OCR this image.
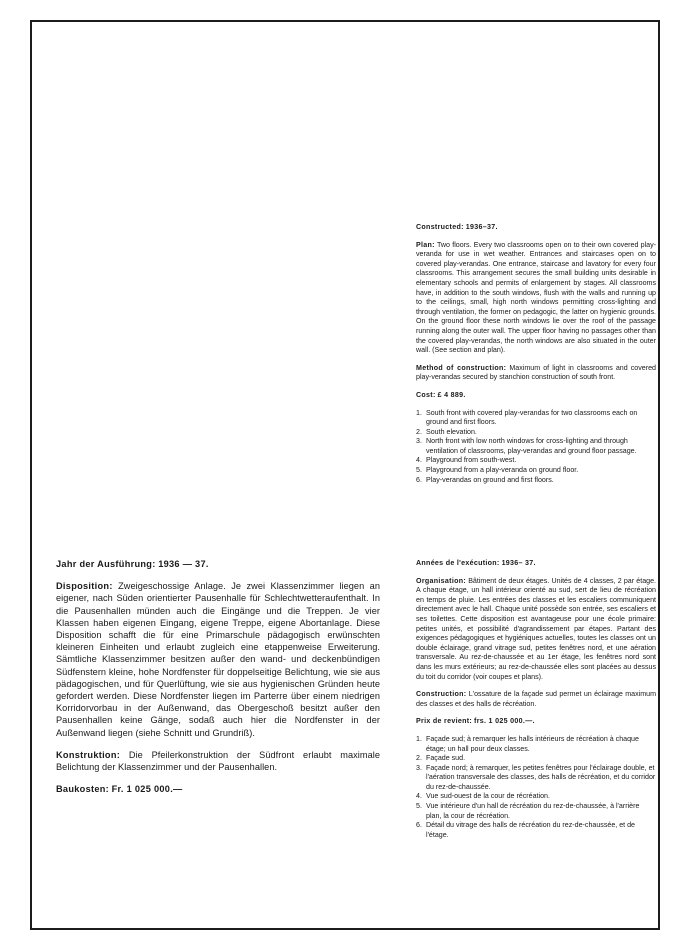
Constructed: 1936–37.

Plan: Two floors. Every two classrooms open on to their own covered play-veranda for use in wet weather. Entrances and staircases open on to covered play-verandas. One entrance, staircase and lavatory for every four classrooms. This arrangement secures the small building units desirable in elementary schools and permits of enlargement by stages. All classrooms have, in addition to the south windows, flush with the walls and running up to the ceilings, small, high north windows permitting cross-lighting and through ventilation, the former on pedagogic, the latter on hygienic grounds. On the ground floor these north windows lie over the roof of the passage running along the outer wall. The upper floor having no passages other than the covered play-verandas, the north windows are also situated in the outer wall. (See section and plan).

Method of construction: Maximum of light in classrooms and covered play-verandas secured by stanchion construction of south front.

Cost: £ 4 889.

1. South front with covered play-verandas for two classrooms each on ground and first floors.
2. South elevation.
3. North front with low north windows for cross-lighting and through ventilation of classrooms, play-verandas and ground floor passage.
4. Playground from south-west.
5. Playground from a play-veranda on ground floor.
6. Play-verandas on ground and first floors.

Jahr der Ausführung: 1936 — 37.

Disposition: Zweigeschossige Anlage. Je zwei Klassenzimmer liegen an eigener, nach Süden orientierter Pausenhalle für Schlechtwetteraufenthalt. In die Pausenhallen münden auch die Eingänge und die Treppen. Je vier Klassen haben eigenen Eingang, eigene Treppe, eigene Abortanlage. Diese Disposition schafft die für eine Primarschule pädagogisch erwünschten kleineren Einheiten und erlaubt zugleich eine etappenweise Erweiterung. Sämtliche Klassenzimmer besitzen außer den wand- und deckenbündigen Südfenstern kleine, hohe Nordfenster für doppelseitige Belichtung, wie sie aus pädagogischen, und für Querlüftung, wie sie aus hygienischen Gründen heute gefordert werden. Diese Nordfenster liegen im Parterre über einem niedrigen Korridorvorbau in der Außenwand, das Obergeschoß besitzt außer den Pausenhallen keine Gänge, sodaß auch hier die Nordfenster in der Außenwand liegen (siehe Schnitt und Grundriß).

Konstruktion: Die Pfeilerkonstruktion der Südfront erlaubt maximale Belichtung der Klassenzimmer und der Pausenhallen.

Baukosten: Fr. 1 025 000.—

Années de l'exécution: 1936– 37.

Organisation: Bâtiment de deux étages. Unités de 4 classes, 2 par étage. A chaque étage, un hall intérieur orienté au sud, sert de lieu de récréation en temps de pluie. Les entrées des classes et les escaliers communiquent directement avec le hall. Chaque unité possède son entrée, ses escaliers et ses toilettes. Cette disposition est avantageuse pour une école primaire: petites unités, et possibilité d'agrandissement par étapes. Partant des exigences pédagogiques et hygiéniques actuelles, toutes les classes ont un double éclairage, grand vitrage sud, petites fenêtres nord, et une aération transversale. Au rez-de-chaussée et au 1er étage, les fenêtres nord sont dans les murs extérieurs; au rez-de-chaussée elles sont placées au dessus du toit du corridor (voir coupes et plans).

Construction: L'ossature de la façade sud permet un éclairage maximum des classes et des halls de récréation.

Prix de revient: frs. 1 025 000.—.

1. Façade sud; à remarquer les halls intérieurs de récréation à chaque étage; un hall pour deux classes.
2. Façade sud.
3. Façade nord; à remarquer, les petites fenêtres pour l'éclairage double, et l'aération transversale des classes, des halls de récréation, et du corridor du rez-de-chaussée.
4. Vue sud-ouest de la cour de récréation.
5. Vue intérieure d'un hall de récréation du rez-de-chaussée, à l'arrière plan, la cour de récréation.
6. Détail du vitrage des halls de récréation du rez-de-chaussée, et de l'étage.
